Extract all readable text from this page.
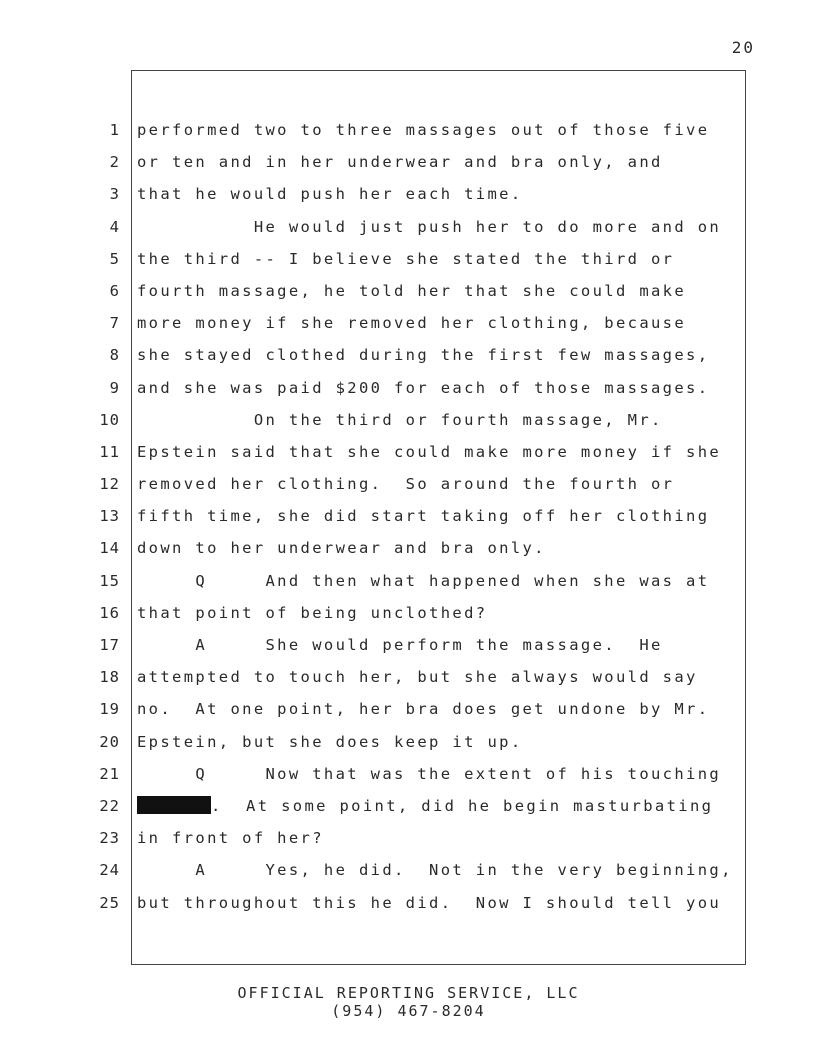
20
1 performed two to three massages out of those five
2 or ten and in her underwear and bra only, and
3 that he would push her each time.
4 He would just push her to do more and on
5 the third -- I believe she stated the third or
6 fourth massage, he told her that she could make
7 more money if she removed her clothing, because
8 she stayed clothed during the first few massages,
9 and she was paid $200 for each of those massages.
10 On the third or fourth massage, Mr.
11 Epstein said that she could make more money if she
12 removed her clothing.  So around the fourth or
13 fifth time, she did start taking off her clothing
14 down to her underwear and bra only.
15 Q     And then what happened when she was at
16 that point of being unclothed?
17 A     She would perform the massage.  He
18 attempted to touch her, but she always would say
19 no.  At one point, her bra does get undone by Mr.
20 Epstein, but she does keep it up.
21 Q     Now that was the extent of his touching
22	.  At some point, did he begin masturbating
23 in front of her?
24 A     Yes, he did.  Not in the very beginning,
25 but throughout this he did.  Now I should tell you
OFFICIAL REPORTING SERVICE, LLC
(954) 467-8204
